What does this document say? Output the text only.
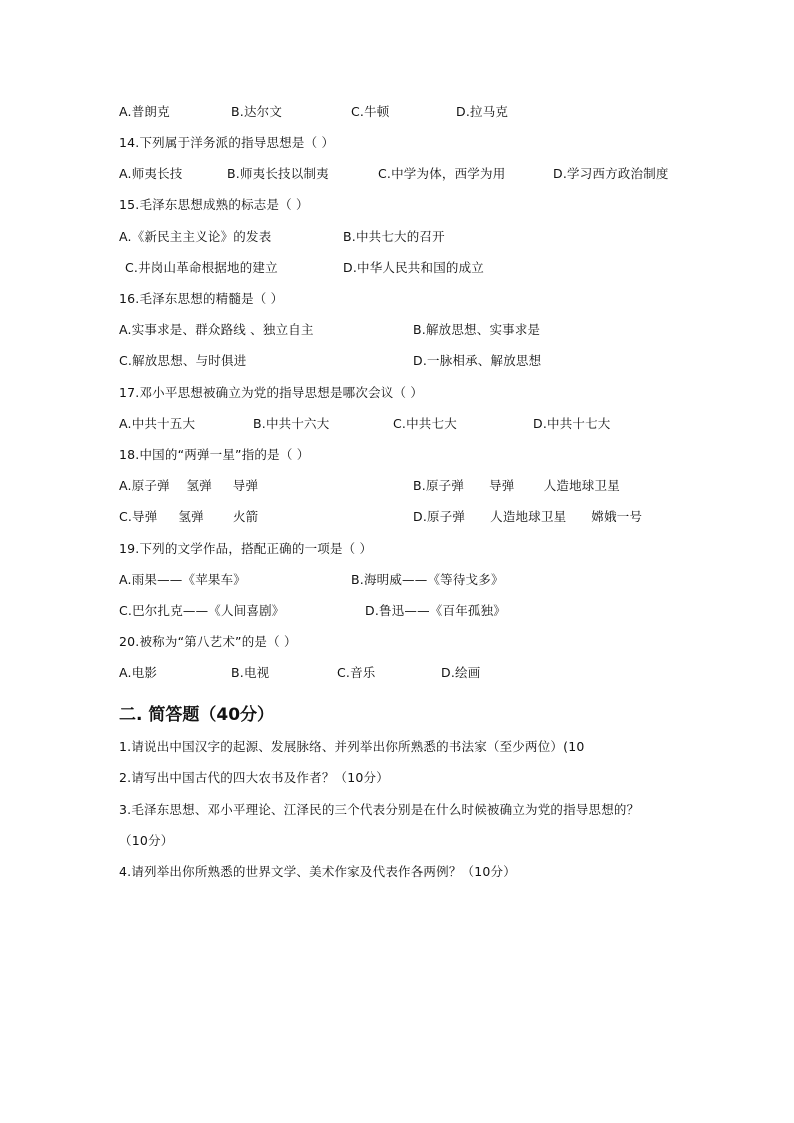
A.普朗克	B.达尔文	C.牛顿	D.拉马克
14.下列属于洋务派的指导思想是（ ）
A.师夷长技	B.师夷长技以制夷	C.中学为体，西学为用	D.学习西方政治制度
15.毛泽东思想成熟的标志是（ ）
A.《新民主主义论》的发表	B.中共七大的召开
C.井岗山革命根据地的建立	D.中华人民共和国的成立
16.毛泽东思想的精髓是（ ）
A.实事求是、群众路线 、独立自主	B.解放思想、实事求是
C.解放思想、与时俱进	D.一脉相承、解放思想
17.邓小平思想被确立为党的指导思想是哪次会议（ ）
A.中共十五大	B.中共十六大	C.中共七大	D.中共十七大
18.中国的“两弹一星”指的是（ ）
A.原子弹    氢弹     导弹	B.原子弹      导弹       人造地球卫星
C.导弹     氢弹       火箭	D.原子弹      人造地球卫星      嫦娥一号
19.下列的文学作品，搭配正确的一项是（ ）
A.雨果——《苹果车》	B.海明威——《等待戈多》
C.巴尔扎克——《人间喜剧》	D.鲁迅——《百年孤独》
20.被称为“第八艺术”的是（ ）
A.电影	B.电视	C.音乐	D.绘画
二. 简答题（40分）
1.请说出中国汉字的起源、发展脉络、并列举出你所熟悉的书法家（至少两位）(10
2.请写出中国古代的四大农书及作者？（10分）
3.毛泽东思想、邓小平理论、江泽民的三个代表分别是在什么时候被确立为党的指导思想的？
（10分）
4.请列举出你所熟悉的世界文学、美术作家及代表作各两例？（10分）
